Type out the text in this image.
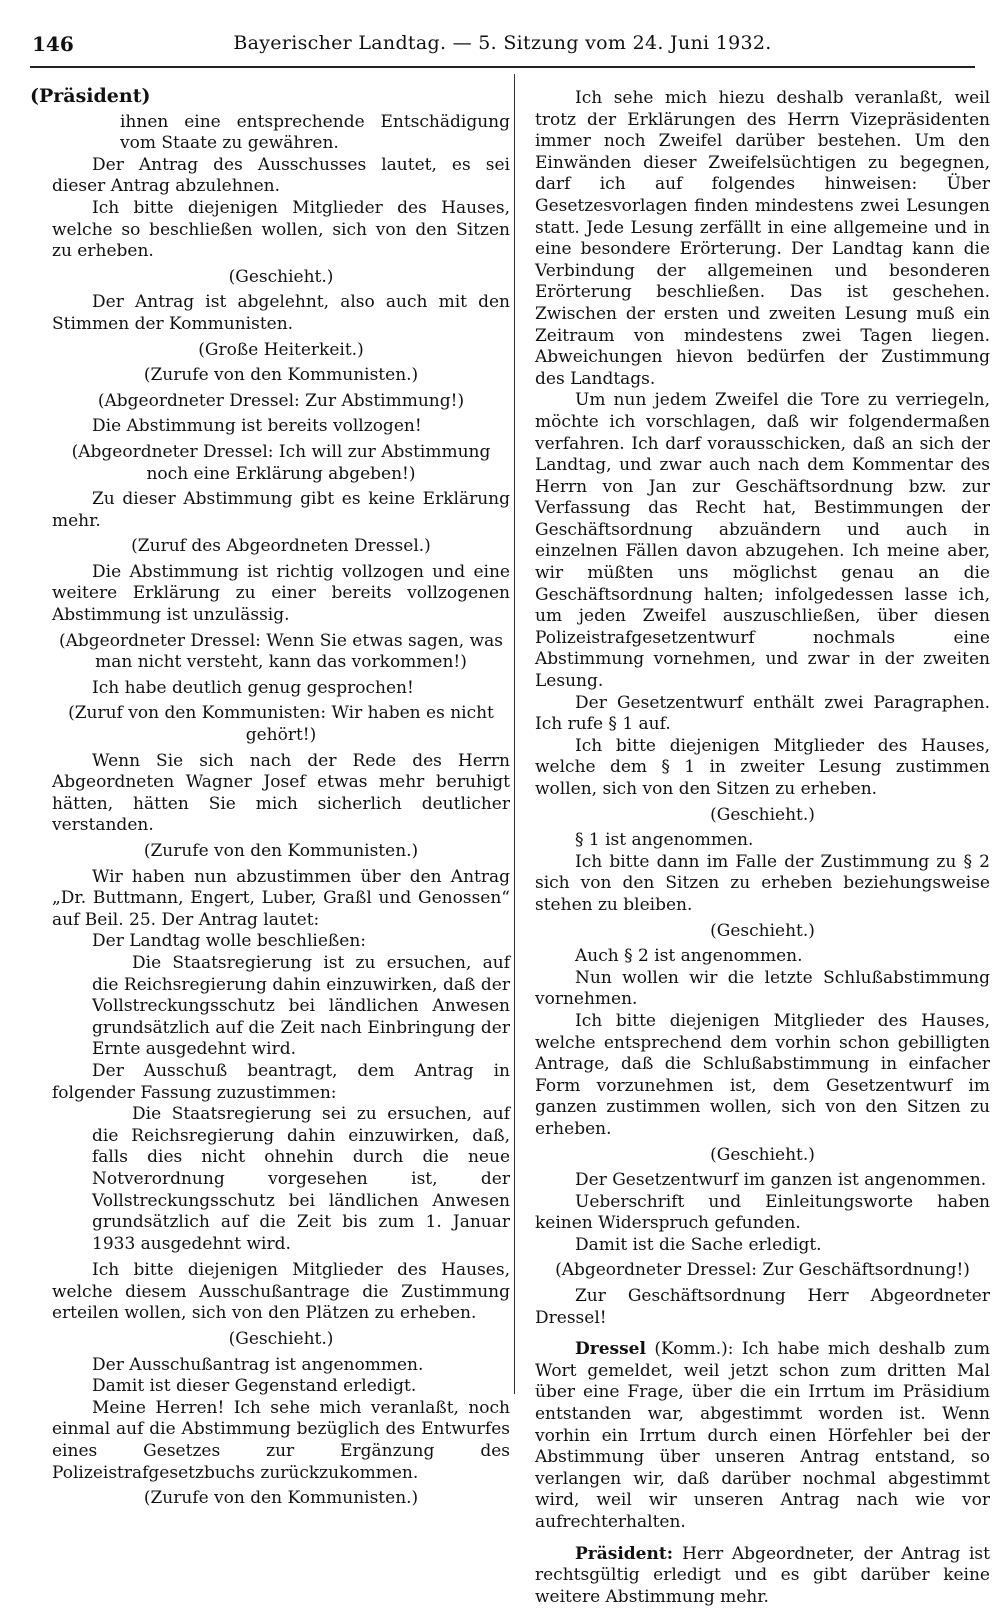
146	Bayerischer Landtag. — 5. Sitzung vom 24. Juni 1932.

(Präsident)

ihnen eine entsprechende Entschädigung vom Staate zu gewähren.

Der Antrag des Ausschusses lautet, es sei dieser Antrag abzulehnen.

Ich bitte diejenigen Mitglieder des Hauses, welche so beschließen wollen, sich von den Sitzen zu erheben.

(Geschieht.)

Der Antrag ist abgelehnt, also auch mit den Stimmen der Kommunisten.

(Große Heiterkeit.)

(Zurufe von den Kommunisten.)

(Abgeordneter Dressel: Zur Abstimmung!)

Die Abstimmung ist bereits vollzogen!

(Abgeordneter Dressel: Ich will zur Abstimmung noch eine Erklärung abgeben!)

Zu dieser Abstimmung gibt es keine Erklärung mehr.

(Zuruf des Abgeordneten Dressel.)

Die Abstimmung ist richtig vollzogen und eine weitere Erklärung zu einer bereits vollzogenen Abstimmung ist unzulässig.

(Abgeordneter Dressel: Wenn Sie etwas sagen, was man nicht versteht, kann das vorkommen!)

Ich habe deutlich genug gesprochen!

(Zuruf von den Kommunisten: Wir haben es nicht gehört!)

Wenn Sie sich nach der Rede des Herrn Abgeordneten Wagner Josef etwas mehr beruhigt hätten, hätten Sie mich sicherlich deutlicher verstanden.

(Zurufe von den Kommunisten.)

Wir haben nun abzustimmen über den Antrag „Dr. Buttmann, Engert, Luber, Graßl und Genossen“ auf Beil. 25. Der Antrag lautet:

Der Landtag wolle beschließen:

Die Staatsregierung ist zu ersuchen, auf die Reichsregierung dahin einzuwirken, daß der Vollstreckungsschutz bei ländlichen Anwesen grundsätzlich auf die Zeit nach Einbringung der Ernte ausgedehnt wird.

Der Ausschuß beantragt, dem Antrag in folgender Fassung zuzustimmen:

Die Staatsregierung sei zu ersuchen, auf die Reichsregierung dahin einzuwirken, daß, falls dies nicht ohnehin durch die neue Notverordnung vorgesehen ist, der Vollstreckungsschutz bei ländlichen Anwesen grundsätzlich auf die Zeit bis zum 1. Januar 1933 ausgedehnt wird.

Ich bitte diejenigen Mitglieder des Hauses, welche diesem Ausschußantrage die Zustimmung erteilen wollen, sich von den Plätzen zu erheben.

(Geschieht.)

Der Ausschußantrag ist angenommen.

Damit ist dieser Gegenstand erledigt.

Meine Herren! Ich sehe mich veranlaßt, noch einmal auf die Abstimmung bezüglich des Entwurfes eines Gesetzes zur Ergänzung des Polizeistrafgesetzbuchs zurückzukommen.

(Zurufe von den Kommunisten.)

Ich sehe mich hiezu deshalb veranlaßt, weil trotz der Erklärungen des Herrn Vizepräsidenten immer noch Zweifel darüber bestehen. Um den Einwänden dieser Zweifelsüchtigen zu begegnen, darf ich auf folgendes hinweisen: Über Gesetzesvorlagen finden mindestens zwei Lesungen statt. Jede Lesung zerfällt in eine allgemeine und in eine besondere Erörterung. Der Landtag kann die Verbindung der allgemeinen und besonderen Erörterung beschließen. Das ist geschehen. Zwischen der ersten und zweiten Lesung muß ein Zeitraum von mindestens zwei Tagen liegen. Abweichungen hievon bedürfen der Zustimmung des Landtags.

Um nun jedem Zweifel die Tore zu verriegeln, möchte ich vorschlagen, daß wir folgendermaßen verfahren. Ich darf vorausschicken, daß an sich der Landtag, und zwar auch nach dem Kommentar des Herrn von Jan zur Geschäftsordnung bzw. zur Verfassung das Recht hat, Bestimmungen der Geschäftsordnung abzuändern und auch in einzelnen Fällen davon abzugehen. Ich meine aber, wir müßten uns möglichst genau an die Geschäftsordnung halten; infolgedessen lasse ich, um jeden Zweifel auszuschließen, über diesen Polizeistrafgesetzentwurf nochmals eine Abstimmung vornehmen, und zwar in der zweiten Lesung.

Der Gesetzentwurf enthält zwei Paragraphen. Ich rufe § 1 auf.

Ich bitte diejenigen Mitglieder des Hauses, welche dem § 1 in zweiter Lesung zustimmen wollen, sich von den Sitzen zu erheben.

(Geschieht.)

§ 1 ist angenommen.

Ich bitte dann im Falle der Zustimmung zu § 2 sich von den Sitzen zu erheben beziehungsweise stehen zu bleiben.

(Geschieht.)

Auch § 2 ist angenommen.

Nun wollen wir die letzte Schlußabstimmung vornehmen.

Ich bitte diejenigen Mitglieder des Hauses, welche entsprechend dem vorhin schon gebilligten Antrage, daß die Schlußabstimmung in einfacher Form vorzunehmen ist, dem Gesetzentwurf im ganzen zustimmen wollen, sich von den Sitzen zu erheben.

(Geschieht.)

Der Gesetzentwurf im ganzen ist angenommen.

Ueberschrift und Einleitungsworte haben keinen Widerspruch gefunden.

Damit ist die Sache erledigt.

(Abgeordneter Dressel: Zur Geschäftsordnung!)

Zur Geschäftsordnung Herr Abgeordneter Dressel!

Dressel (Komm.): Ich habe mich deshalb zum Wort gemeldet, weil jetzt schon zum dritten Mal über eine Frage, über die ein Irrtum im Präsidium entstanden war, abgestimmt worden ist. Wenn vorhin ein Irrtum durch einen Hörfehler bei der Abstimmung über unseren Antrag entstand, so verlangen wir, daß darüber nochmal abgestimmt wird, weil wir unseren Antrag nach wie vor aufrechterhalten.

Präsident: Herr Abgeordneter, der Antrag ist rechtsgültig erledigt und es gibt darüber keine weitere Abstimmung mehr.
